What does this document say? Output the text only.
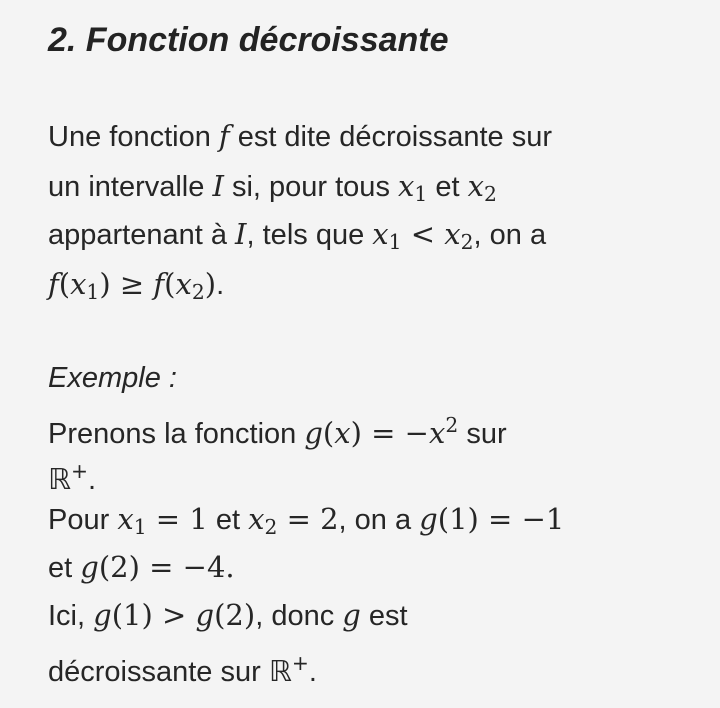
2. Fonction décroissante
Une fonction f est dite décroissante sur
un intervalle I si, pour tous $x_1$ et $x_2$
appartenant à I, tels que $x_1 < x_2$, on a
$f(x_1) \ge f(x_2)$.
Exemple :
Prenons la fonction $g(x) = -x^2$ sur
ℝ+.
Pour $x_1 = 1$ et $x_2 = 2$, on a g(1) = −1
et g(2) = −4.
Ici, g(1) > g(2), donc g est
décroissante sur ℝ+.
